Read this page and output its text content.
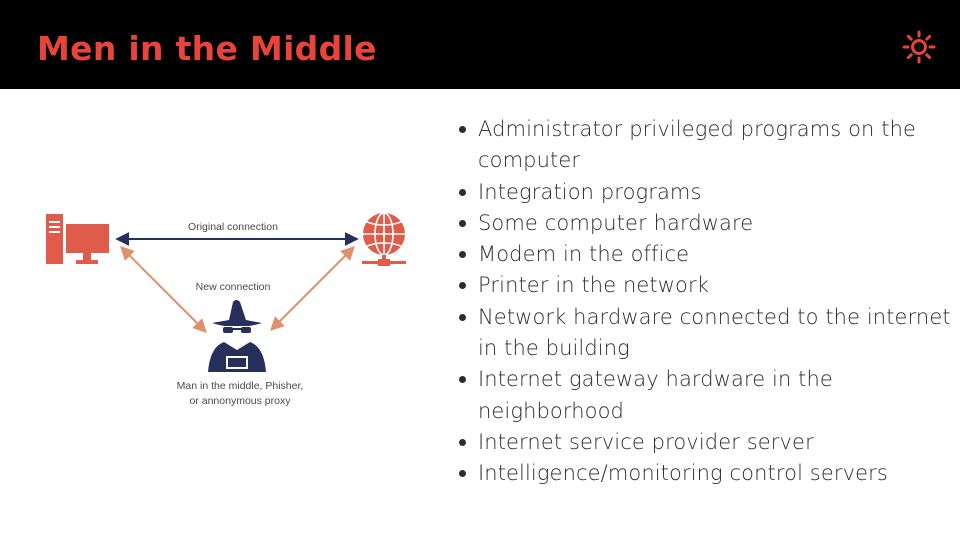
Men in the Middle
Original connection
New connection
Man in the middle, Phisher,
or annonymous proxy
Administrator privileged programs on the computer
Integration programs
Some computer hardware
Modem in the office
Printer in the network
Network hardware connected to the internet in the building
Internet gateway hardware in the neighborhood
Internet service provider server
Intelligence/monitoring control servers
